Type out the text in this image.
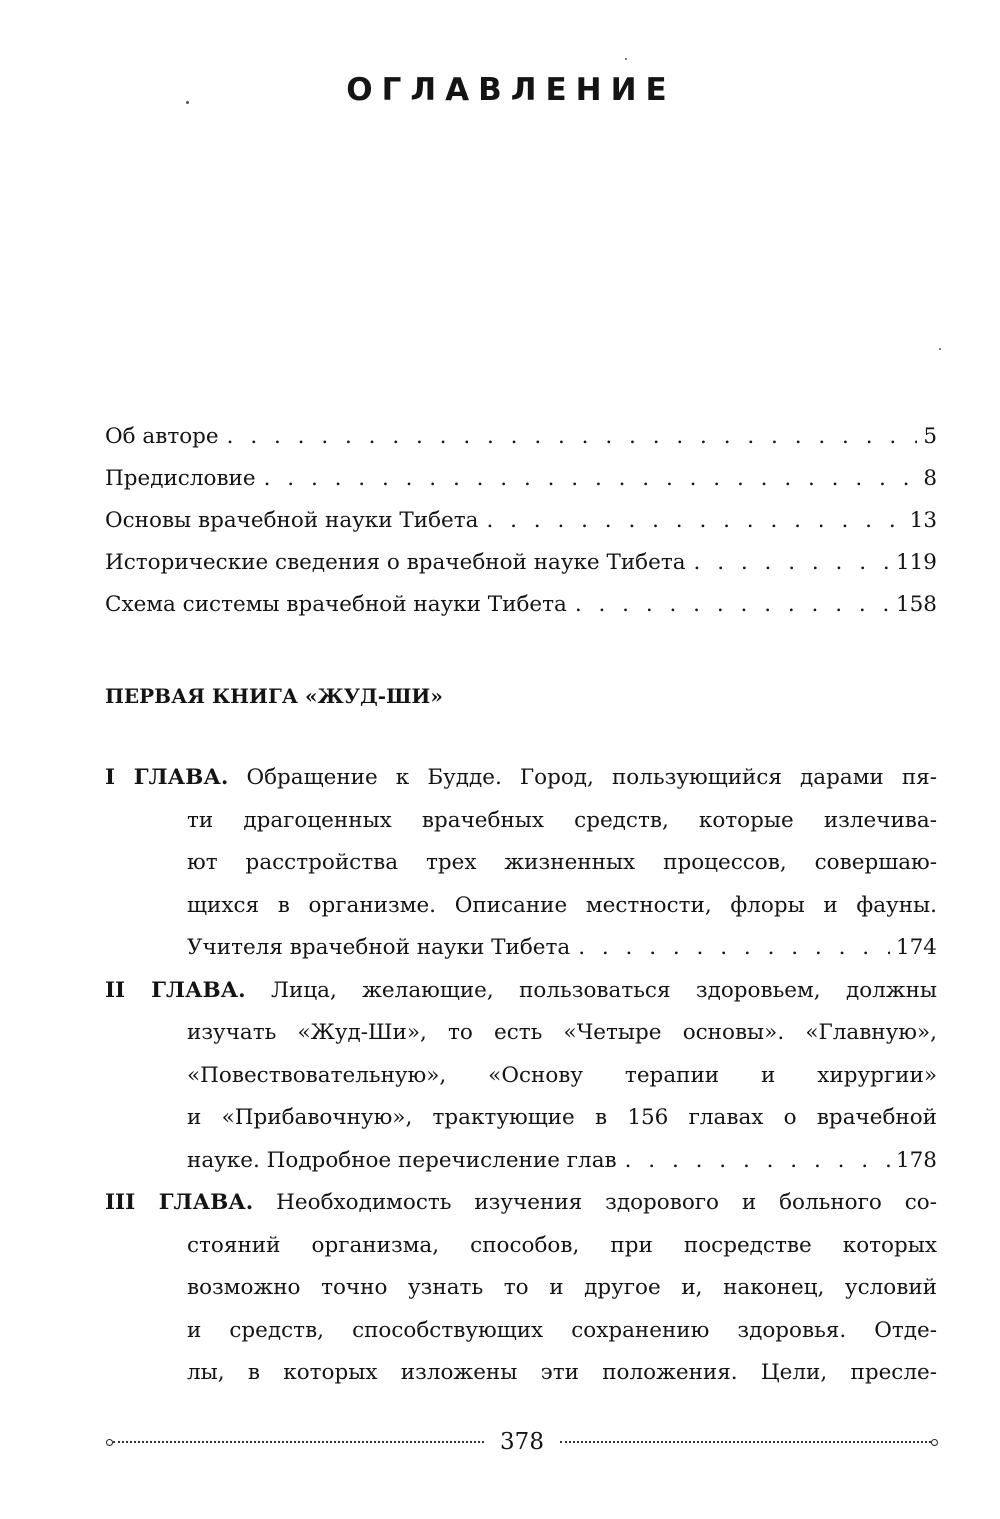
ОГЛАВЛЕНИЕ
Об авторе . . .	5
Предисловие . . .	8
Основы врачебной науки Тибета . . .	13
Исторические сведения о врачебной науке Тибета . . .	119
Схема системы врачебной науки Тибета . . .	158
ПЕРВАЯ КНИГА «ЖУД-ШИ»
I ГЛАВА. Обращение к Будде. Город, пользующийся дарами пя-
ти драгоценных врачебных средств, которые излечива-
ют расстройства трех жизненных процессов, совершаю-
щихся в организме. Описание местности, флоры и фауны.
Учителя врачебной науки Тибета . . .	174
II ГЛАВА. Лица, желающие, пользоваться здоровьем, должны
изучать «Жуд-Ши», то есть «Четыре основы». «Главную»,
«Повествовательную», «Основу терапии и хирургии»
и «Прибавочную», трактующие в 156 главах о врачебной
науке. Подробное перечисление глав . . .	178
III ГЛАВА. Необходимость изучения здорового и больного со-
стояний организма, способов, при посредстве которых
возможно точно узнать то и другое и, наконец, условий
и средств, способствующих сохранению здоровья. Отде-
лы, в которых изложены эти положения. Цели, пресле-
378
